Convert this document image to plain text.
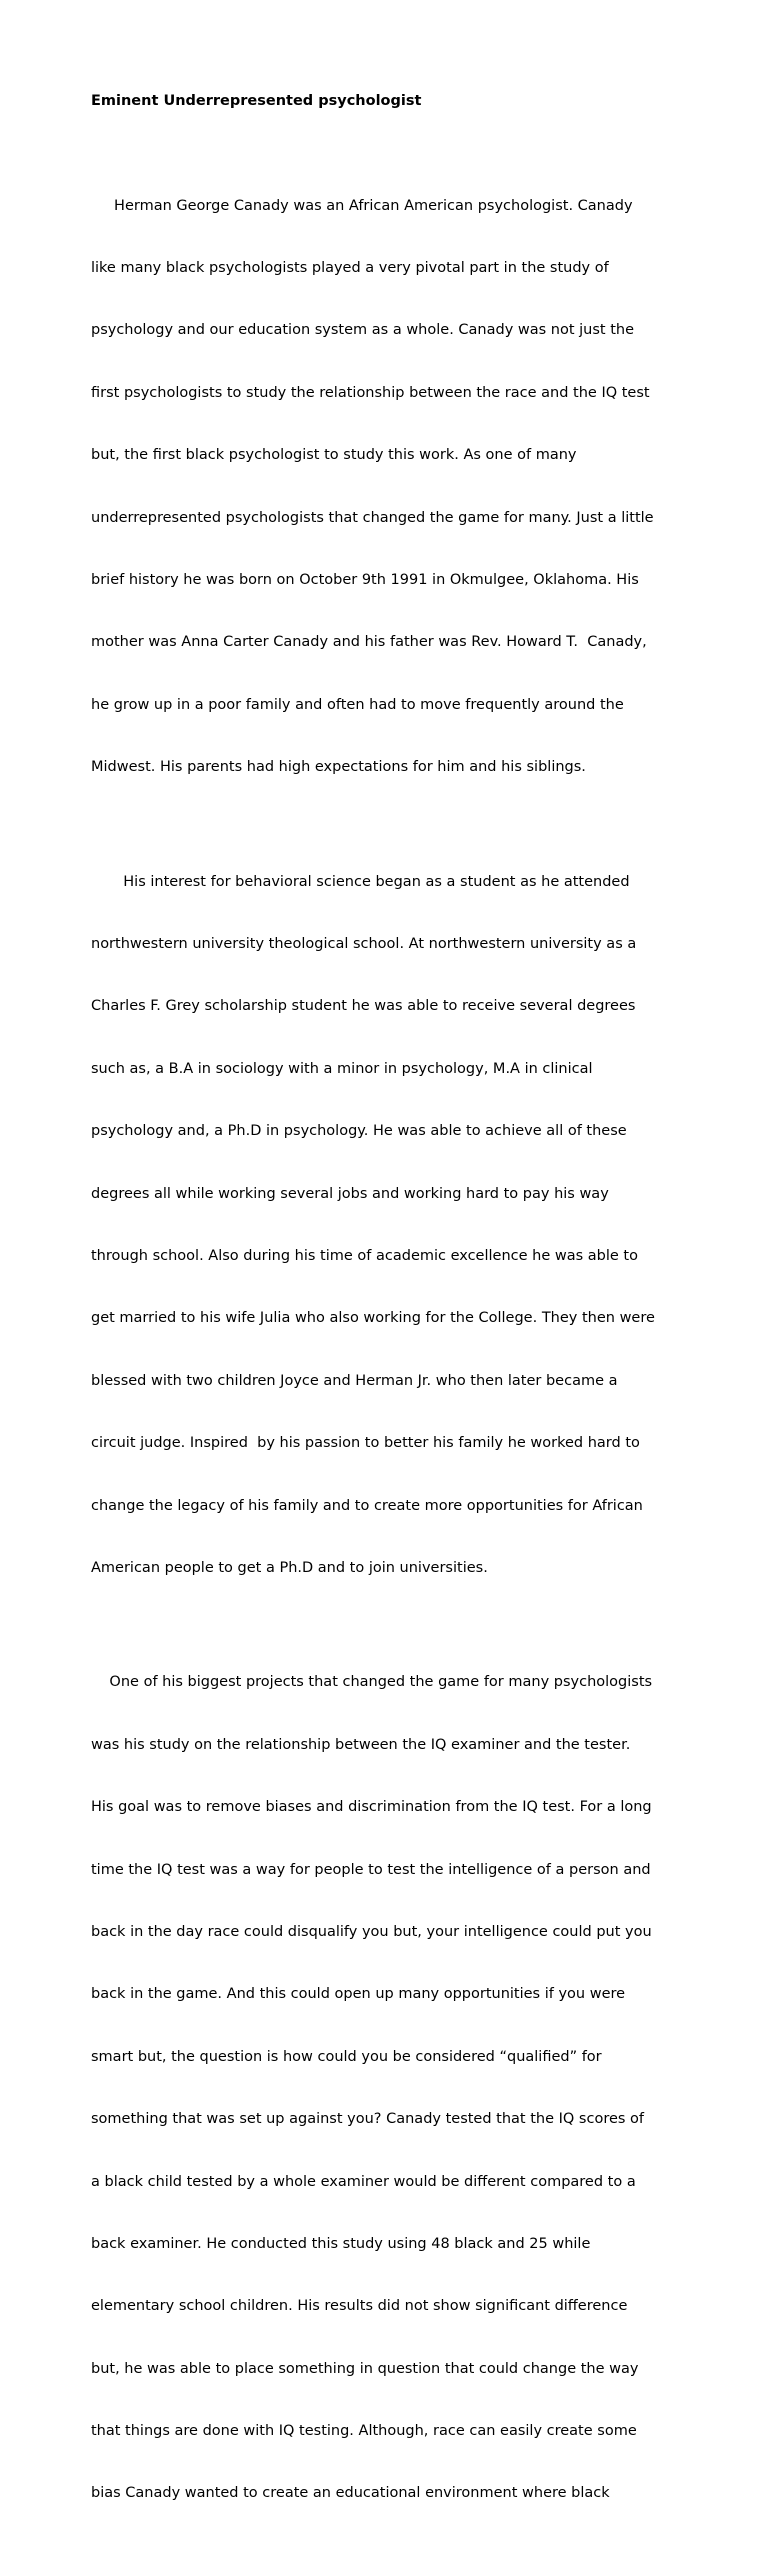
Eminent Underrepresented psychologist

Herman George Canady was an African American psychologist. Canady

like many black psychologists played a very pivotal part in the study of

psychology and our education system as a whole. Canady was not just the

first psychologists to study the relationship between the race and the IQ test

but, the first black psychologist to study this work. As one of many

underrepresented psychologists that changed the game for many. Just a little

brief history he was born on October 9th 1991 in Okmulgee, Oklahoma. His

mother was Anna Carter Canady and his father was Rev. Howard T.  Canady,

he grow up in a poor family and often had to move frequently around the

Midwest. His parents had high expectations for him and his siblings.

His interest for behavioral science began as a student as he attended

northwestern university theological school. At northwestern university as a

Charles F. Grey scholarship student he was able to receive several degrees

such as, a B.A in sociology with a minor in psychology, M.A in clinical

psychology and, a Ph.D in psychology. He was able to achieve all of these

degrees all while working several jobs and working hard to pay his way

through school. Also during his time of academic excellence he was able to

get married to his wife Julia who also working for the College. They then were

blessed with two children Joyce and Herman Jr. who then later became a

circuit judge. Inspired  by his passion to better his family he worked hard to

change the legacy of his family and to create more opportunities for African

American people to get a Ph.D and to join universities.

One of his biggest projects that changed the game for many psychologists

was his study on the relationship between the IQ examiner and the tester.

His goal was to remove biases and discrimination from the IQ test. For a long

time the IQ test was a way for people to test the intelligence of a person and

back in the day race could disqualify you but, your intelligence could put you

back in the game. And this could open up many opportunities if you were

smart but, the question is how could you be considered “qualified” for

something that was set up against you? Canady tested that the IQ scores of

a black child tested by a whole examiner would be different compared to a

back examiner. He conducted this study using 48 black and 25 while

elementary school children. His results did not show significant difference

but, he was able to place something in question that could change the way

that things are done with IQ testing. Although, race can easily create some

bias Canady wanted to create an educational environment where black
